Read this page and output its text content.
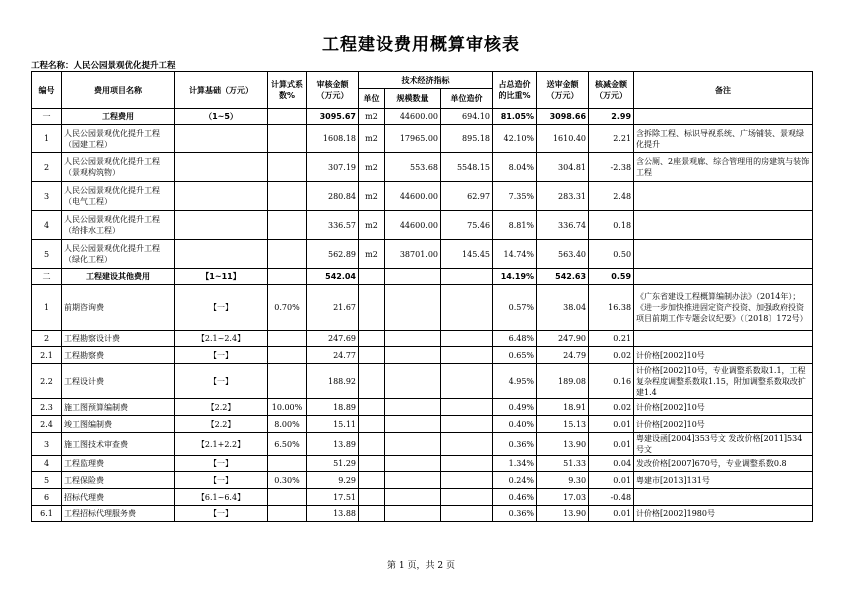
工程建设费用概算审核表
工程名称：人民公园景观优化提升工程
编号	费用项目名称	计算基础（万元）	计算式系数%	审核金额（万元）	技术经济指标			占总造价的比重%	送审金额（万元）	核减金额（万元）	备注
					单位	规模数量	单位造价				
一	工程费用	（1~5）		3095.67	m2	44600.00	694.10	81.05%	3098.66	2.99	
1	人民公园景观优化提升工程（园建工程）			1608.18	m2	17965.00	895.18	42.10%	1610.40	2.21	含拆除工程、标识导视系统、广场铺装、景观绿化提升
2	人民公园景观优化提升工程（景观构筑物）			307.19	m2	553.68	5548.15	8.04%	304.81	-2.38	含公厕、2座景观廊、综合管理用的房建筑与装饰工程
3	人民公园景观优化提升工程（电气工程）			280.84	m2	44600.00	62.97	7.35%	283.31	2.48	
4	人民公园景观优化提升工程（给排水工程）			336.57	m2	44600.00	75.46	8.81%	336.74	0.18	
5	人民公园景观优化提升工程（绿化工程）			562.89	m2	38701.00	145.45	14.74%	563.40	0.50	
二	工程建设其他费用	【1~11】		542.04				14.19%	542.63	0.59	
1	前期咨询费	【一】	0.70%	21.67				0.57%	38.04	16.38	《广东省建设工程概算编制办法》（2014年）；《进一步加快推进固定资产投资、加强政府投资项目前期工作专题会议纪要》（〔2018〕172号）
2	工程勘察设计费	【2.1~2.4】		247.69				6.48%	247.90	0.21	
2.1	工程勘察费	【一】		24.77				0.65%	24.79	0.02	计价格[2002]10号
2.2	工程设计费	【一】		188.92				4.95%	189.08	0.16	计价格[2002]10号，专业调整系数取1.1，工程复杂程度调整系数取1.15，附加调整系数取改扩建1.4
2.3	施工图预算编制费	【2.2】	10.00%	18.89				0.49%	18.91	0.02	计价格[2002]10号
2.4	竣工图编制费	【2.2】	8.00%	15.11				0.40%	15.13	0.01	计价格[2002]10号
3	施工图技术审查费	【2.1+2.2】	6.50%	13.89				0.36%	13.90	0.01	粤建设函[2004]353号文 发改价格[2011]534号文
4	工程监理费	【一】		51.29				1.34%	51.33	0.04	发改价格[2007]670号，专业调整系数0.8
5	工程保险费	【一】	0.30%	9.29				0.24%	9.30	0.01	粤建市[2013]131号
6	招标代理费	【6.1~6.4】		17.51				0.46%	17.03	-0.48	
6.1	工程招标代理服务费	【一】		13.88				0.36%	13.90	0.01	计价格[2002]1980号
第 1 页，共 2 页
